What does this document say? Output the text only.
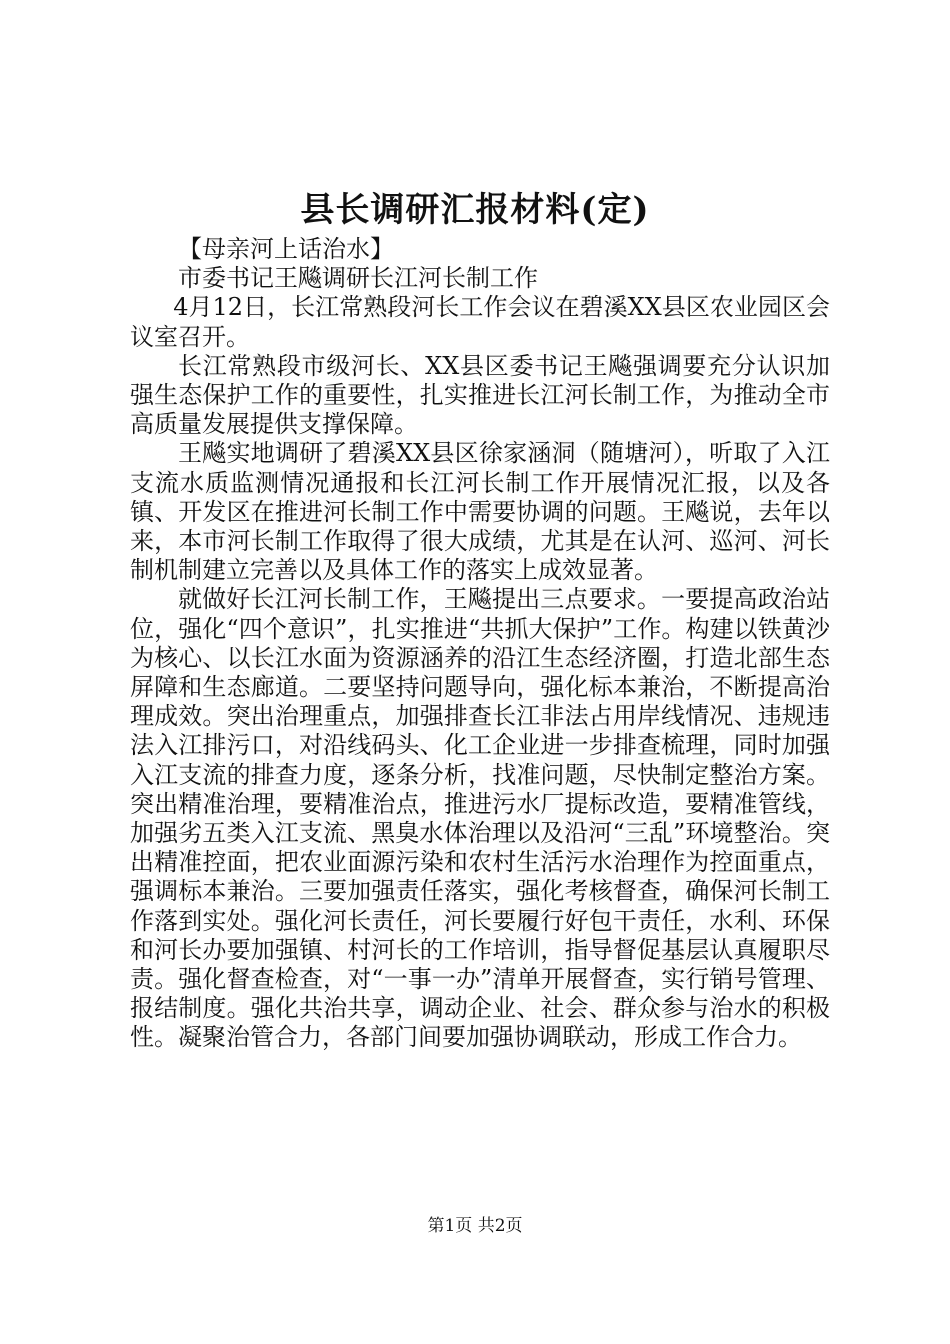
县长调研汇报材料(定)

【母亲河上话治水】

市委书记王飚调研长江河长制工作

4月12日，长江常熟段河长工作会议在碧溪XX县区农业园区会议室召开。

长江常熟段市级河长、XX县区委书记王飚强调要充分认识加强生态保护工作的重要性，扎实推进长江河长制工作，为推动全市高质量发展提供支撑保障。

王飚实地调研了碧溪XX县区徐家涵洞（随塘河），听取了入江支流水质监测情况通报和长江河长制工作开展情况汇报，以及各镇、开发区在推进河长制工作中需要协调的问题。王飚说，去年以来，本市河长制工作取得了很大成绩，尤其是在认河、巡河、河长制机制建立完善以及具体工作的落实上成效显著。

就做好长江河长制工作，王飚提出三点要求。一要提高政治站位，强化“四个意识”，扎实推进“共抓大保护”工作。构建以铁黄沙为核心、以长江水面为资源涵养的沿江生态经济圈，打造北部生态屏障和生态廊道。二要坚持问题导向，强化标本兼治，不断提高治理成效。突出治理重点，加强排查长江非法占用岸线情况、违规违法入江排污口，对沿线码头、化工企业进一步排查梳理，同时加强入江支流的排查力度，逐条分析，找准问题，尽快制定整治方案。突出精准治理，要精准治点，推进污水厂提标改造，要精准管线，加强劣五类入江支流、黑臭水体治理以及沿河“三乱”环境整治。突出精准控面，把农业面源污染和农村生活污水治理作为控面重点，强调标本兼治。三要加强责任落实，强化考核督查，确保河长制工作落到实处。强化河长责任，河长要履行好包干责任，水利、环保和河长办要加强镇、村河长的工作培训，指导督促基层认真履职尽责。强化督查检查，对“一事一办”清单开展督查，实行销号管理、报结制度。强化共治共享，调动企业、社会、群众参与治水的积极性。凝聚治管合力，各部门间要加强协调联动，形成工作合力。

第1页 共2页
